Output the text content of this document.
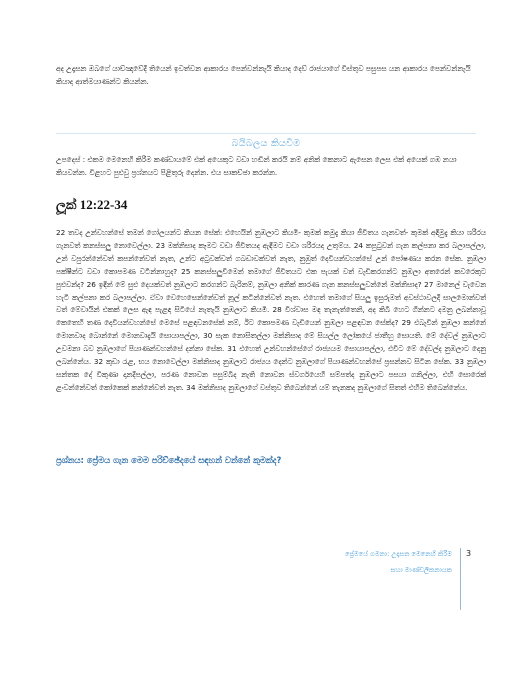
අද උදෑසන ඔබගේ යාච්ඤාවේදී තියෙන් ඉවත්වන ආකාරය පෙන්වන්නැයි කියාද දෙව් රාජයාගේ විස්තුව පසුපස යන ආකාරය පෙන්වන්නැයි කියාද ආත්මයාණන්ට කියන්න.
බයිබලය කියවීම
උපදෙස් : එකම මෙනෙහි කිරීම කණ්ඩායමේ එක් අයෙකුට වඩා හඬින් කරයි නම් අනික් කෙනාට ඇසෙන ලෙස එක් අයෙක් ගඹ නයා කියවන්න. විළහට පුළුවු ප්‍රශ්නයට පිළිතුරු දෙන්න. එය සාකච්ඡා කරන්න.
ලූක් 12:22-34
22 තවද උන්වහන්සේ තමන් ගෝලයන්ට කියන සේක්: එහෙයින් නුඹලාට කියමි- කුමක් කමුදැ කියා ජීවිතය ගැනවත්- කුමක් අඳිමුදැ කියා ශරීරය ගැනවත් කනස්සලු නොවෙල්ලා. 23 මක්නිසාද කෑමට වඩා ජීවිතයද ඇඳීමට වඩා ශරීරයද උතුම්ය. 24 කපුටුවන් ගැන කල්පනා කර බලාපල්ලා, උන් වපුරන්නේවත් කපන්නේවත් නැත, උන්ට අටුවක්වත් ගබඩාවක්වත් නැත, නුඹුත් දෙවියන්වහන්සේ උන් පෝෂණය කරන සේක. නුඹලා පක්ෂීන්ට වඩා කොපමණ වටින්නාහුද? 25 කනස්සලුවීමෙන් තමාගේ ජීවිතයට එක පැයක් වත් වැඩිකරගන්ට නුඹලා අතරෙන් කවරෙකුට පුළුවන්ද? 26 ඉඳින් මේ සුළු දෙයක්වත් නුඹලාට කරගන්ට බැරිනම්, නුඹලා අනික් කාරණ ගැන කනස්සලුවන්නේ මක්නිසාද? 27 මානෙල් වැවෙන හැටි කල්පනා කර බලාපල්ලා. ඒවා වෙහෙසෙන්නේවත් නූල් කටින්නේවත් නැත. එහෙත් තමාගේ සියලු ඉසුරුමත් අවස්ථාවලදී සාලමොන්වත් වත් මේවායින් එකක් ලෙස ඇඳ පැළඳ සිටියේ නැතැයි නුඹලාට කියමි. 28 විශ්වාස මඳ තැනැත්තෙනි, අද කිබී හෙට ගින්නට දමනු ලබන්නාවූ කෙතෙහි තණ දෙවියන්වහන්සේ මෙසේ පළඳවනසේක් නම්, ඊට කොපමණ වැඩියෙන් නුඹලා පළඳවන සේක්ද? 29 එබැවින් නුඹලා කන්නේ මොනවාද බොන්නේ මොනවාදැයි සොයාපල්ලා, 30 සැක නොසිතල්ලා මක්නිසාද මේ සියල්ල ලෝකයේ ජාතීහු සොයති. මේ දේවල් නුඹලාට උවමනා බව නුඹලාගේ පියාණන්වහන්සේ දන්නා සේක. 31 එහෙත් උන්වහන්සේගේ රාජ්‍යයම සොයාපල්ලා, එවිට මේ දේවල්ද නුඹලාට දෙනු ලබන්නේය. 32 කුඩා රැළ, භය නොවෙල්ලා මක්නිසාද නුඹලාට රාජ්‍යය දෙන්ට නුඹලාගේ පියාණන්වහන්සේ ප්‍රසන්නව සිටින සේක. 33 නුඹලා සන්තක දේ විකුණා දානදීපල්ලා, පරණ නොවන පසුම්බිද නැති නොවන ස්වර්ගයෙහි සම්පත්ද නුඹලාට පසයා ගනිල්ලා, එහි සොරෙක් ළංවන්නේවත් කෝකෙක් කන්නේවත් නැත. 34 මක්නිසාද නුඹලාගේ වස්තුව තිබෙන්නේ යම් තැනකද නුඹලාගේ සිතත් එහිම තිබෙන්නේය.
ප්‍රශ්නය: ප්‍රේමය ගැන මෙම පරිච්ඡේදයේ සඳහන් වන්නේ කුමක්ද?
ප්‍රේමයේ ගමනා: උදෑසන මෙනෙහි කිරීම
සහා මාණ්ඩලිකනායක
3
